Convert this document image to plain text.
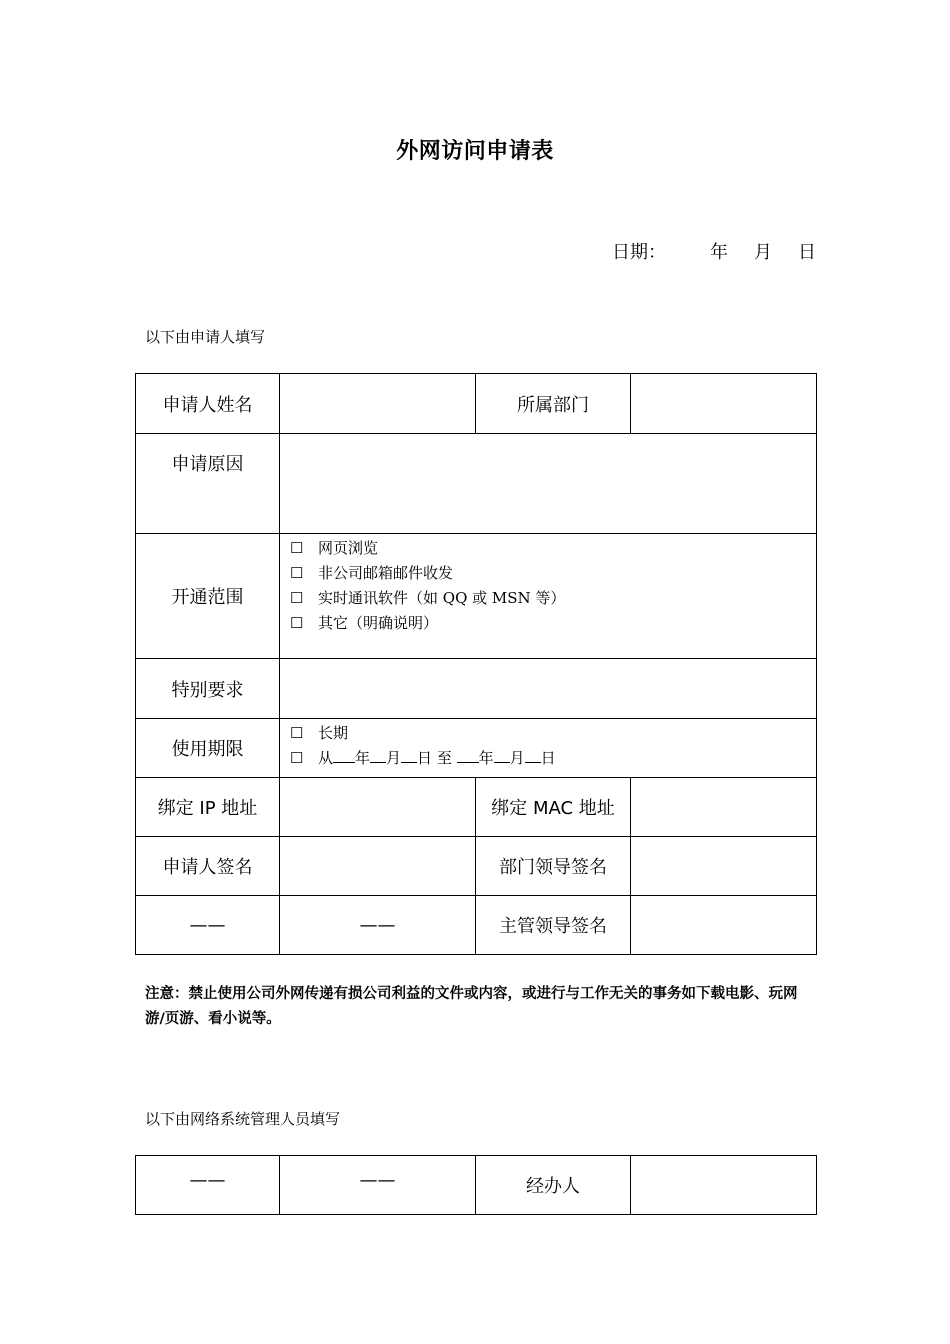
外网访问申请表
日期： 年 月 日
以下由申请人填写
申请人姓名		所属部门	
申请原因			
开通范围	☐ 网页浏览
☐ 非公司邮箱邮件收发
☐ 实时通讯软件（如 QQ 或 MSN 等）
☐ 其它（明确说明）		

特别要求			
使用期限	☐ 长期
☐ 从 年 月 日 至 年 月 日		

绑定 IP 地址		绑定 MAC 地址	
申请人签名		部门领导签名	
——	——	主管领导签名	
注意：禁止使用公司外网传递有损公司利益的文件或内容，或进行与工作无关的事务如下载电影、玩网游/页游、看小说等。
以下由网络系统管理人员填写
——	——	经办人	
